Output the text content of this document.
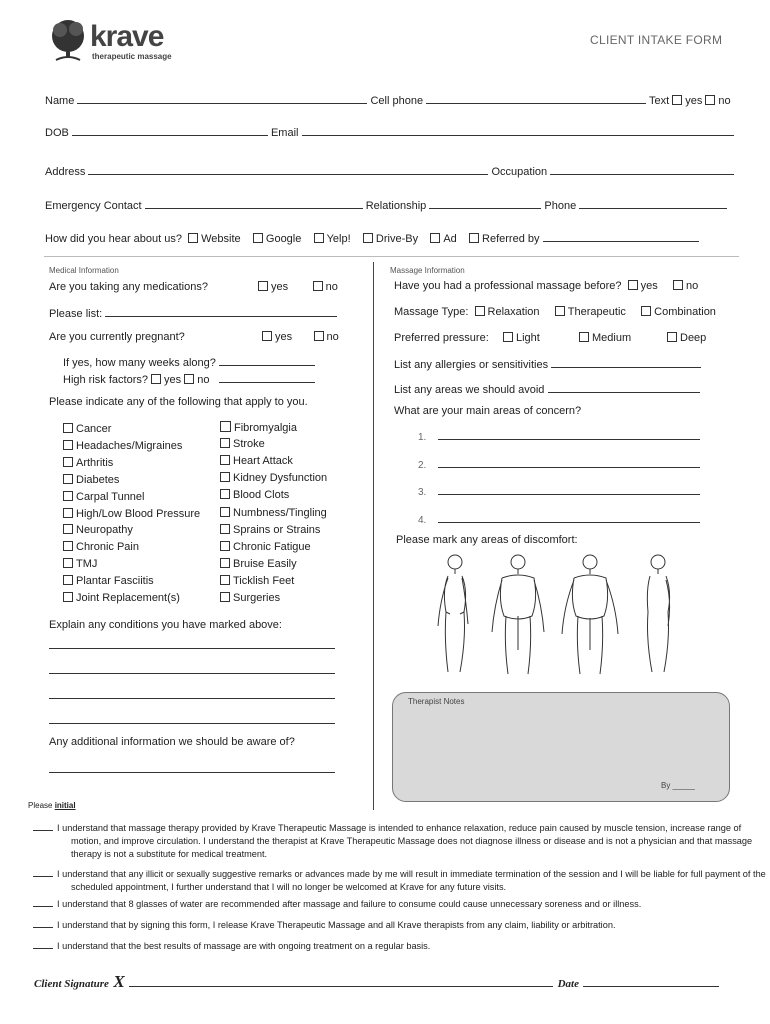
krave
therapeutic massage
CLIENT INTAKE FORM
Name	Cell phone	Text yes no
DOB	Email
Address	Occupation
Emergency Contact	Relationship	Phone
How did you hear about us? Website Google Yelp! Drive-By Ad Referred by
Medical Information
Are you taking any medications?	yes	no
Please list:
Are you currently pregnant?	yes	no
If yes, how many weeks along?
High risk factors? yes no
Please indicate any of the following that apply to you.
Cancer
Headaches/Migraines
Arthritis
Diabetes
Carpal Tunnel
High/Low Blood Pressure
Neuropathy
Chronic Pain
TMJ
Plantar Fasciitis
Joint Replacement(s)
Fibromyalgia
Stroke
Heart Attack
Kidney Dysfunction
Blood Clots
Numbness/Tingling
Sprains or Strains
Chronic Fatigue
Bruise Easily
Ticklish Feet
Surgeries
Explain any conditions you have marked above:
Any additional information we should be aware of?
Massage Information
Have you had a professional massage before? yes	no
Massage Type: Relaxation	Therapeutic	Combination
Preferred pressure:	Light	Medium	Deep
List any allergies or sensitivities
List any areas we should avoid
What are your main areas of concern?
1.
2.
3.
4.
Please mark any areas of discomfort:
Therapist Notes
By _____
Please initial
I understand that massage therapy provided by Krave Therapeutic Massage is intended to enhance relaxation, reduce pain caused by muscle tension, increase range of motion, and improve circulation. I understand the therapist at Krave Therapeutic Massage does not diagnose illness or disease and is not a physician and that massage therapy is not a substitute for medical treatment.
I understand that any illicit or sexually suggestive remarks or advances made by me will result in immediate termination of the session and I will be liable for full payment of the scheduled appointment, I further understand that I will no longer be welcomed at Krave for any future visits.
I understand that 8 glasses of water are recommended after massage and failure to consume could cause unnecessary soreness and or illness.
I understand that by signing this form, I release Krave Therapeutic Massage and all Krave therapists from any claim, liability or arbitration.
I understand that the best results of massage are with ongoing treatment on a regular basis.
Client Signature X	Date
